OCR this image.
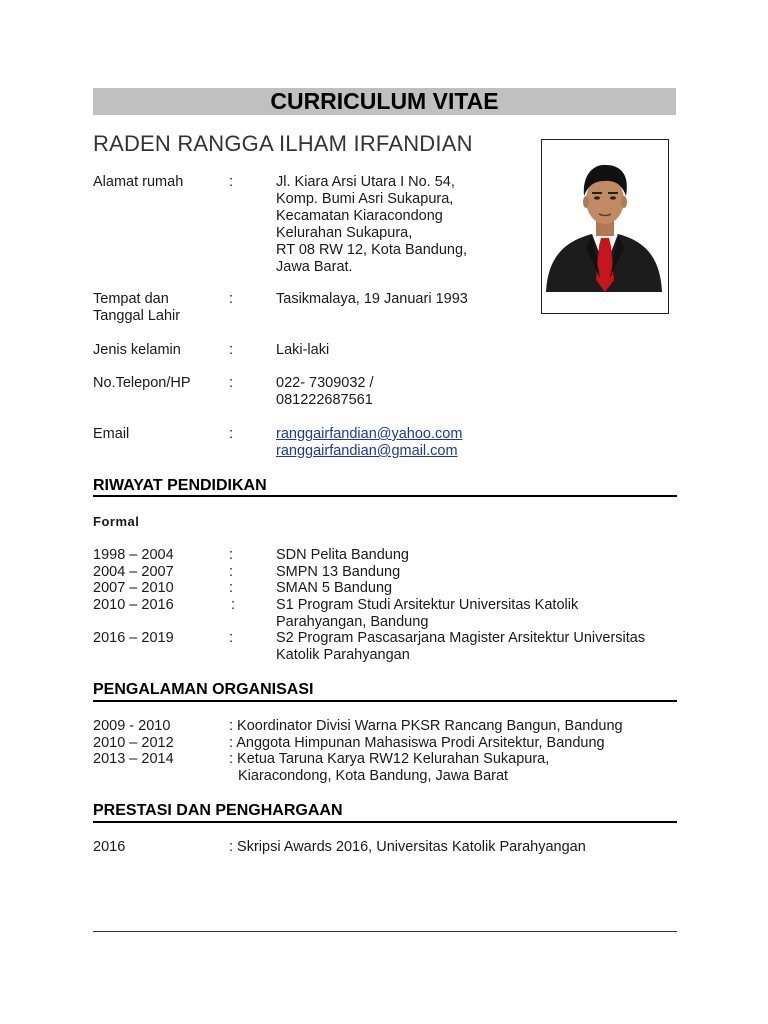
CURRICULUM VITAE
RADEN RANGGA ILHAM IRFANDIAN
Alamat rumah	:	Jl. Kiara Arsi Utara I No. 54,
Komp. Bumi Asri Sukapura,
Kecamatan Kiaracondong
Kelurahan Sukapura,
RT 08 RW 12, Kota Bandung,
Jawa Barat.
Tempat dan
Tanggal Lahir
:	Tasikmalaya, 19 Januari 1993
Jenis kelamin	:	Laki-laki
No.Telepon/HP	:	022- 7309032 /
081222687561
Email	:	ranggairfandian@yahoo.com
ranggairfandian@gmail.com
RIWAYAT PENDIDIKAN
Formal
1998 – 2004	:	SDN Pelita Bandung
2004 – 2007	:	SMPN 13 Bandung
2007 – 2010	:	SMAN 5 Bandung
2010 – 2016	:	S1 Program Studi Arsitektur Universitas Katolik
Parahyangan, Bandung
2016 – 2019	:	S2 Program Pascasarjana Magister Arsitektur Universitas
Katolik Parahyangan
PENGALAMAN ORGANISASI
2009 - 2010	: Koordinator Divisi Warna PKSR Rancang Bangun, Bandung
2010 – 2012	: Anggota Himpunan Mahasiswa Prodi Arsitektur, Bandung
2013 – 2014	: Ketua Taruna Karya RW12 Kelurahan Sukapura,
Kiaracondong, Kota Bandung, Jawa Barat
PRESTASI DAN PENGHARGAAN
2016	: Skripsi Awards 2016, Universitas Katolik Parahyangan
